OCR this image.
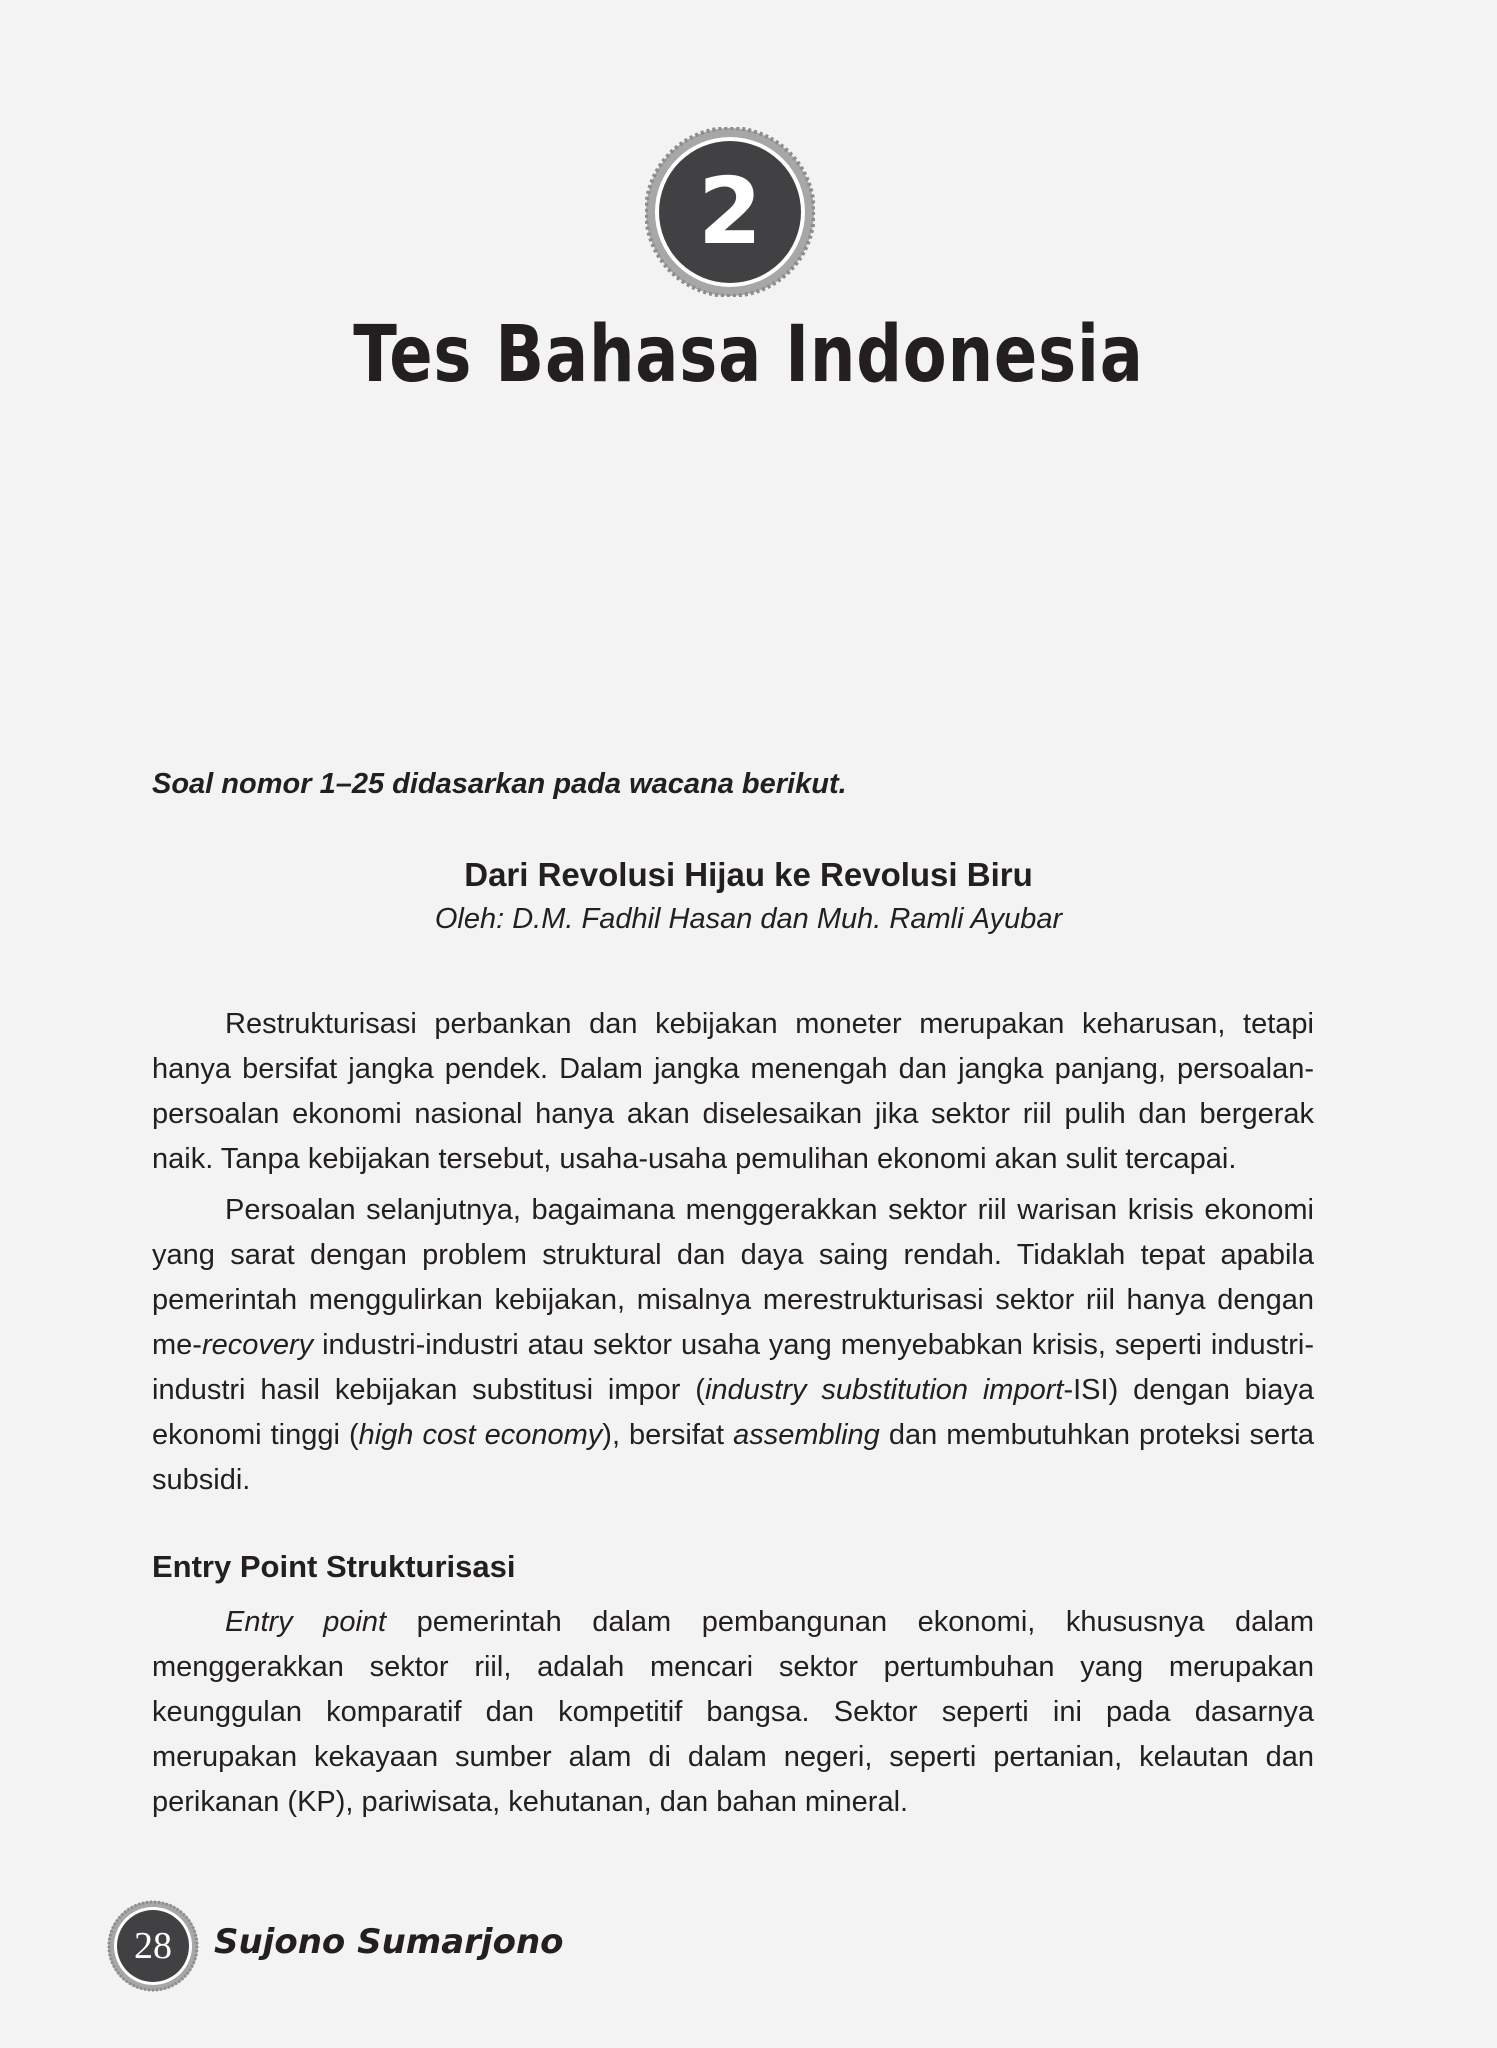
2
Tes Bahasa Indonesia
Soal nomor 1–25 didasarkan pada wacana berikut.
Dari Revolusi Hijau ke Revolusi Biru
Oleh: D.M. Fadhil Hasan dan Muh. Ramli Ayubar

Restrukturisasi perbankan dan kebijakan moneter merupakan keharusan, tetapi hanya bersifat jangka pendek. Dalam jangka menengah dan jangka panjang, persoalan-persoalan ekonomi nasional hanya akan diselesaikan jika sektor riil pulih dan bergerak naik. Tanpa kebijakan tersebut, usaha-usaha pemulihan ekonomi akan sulit tercapai.

Persoalan selanjutnya, bagaimana menggerakkan sektor riil warisan krisis ekonomi yang sarat dengan problem struktural dan daya saing rendah. Tidaklah tepat apabila pemerintah menggulirkan kebijakan, misalnya merestrukturisasi sektor riil hanya dengan me-recovery industri-industri atau sektor usaha yang menyebabkan krisis, seperti industri-industri hasil kebijakan substitusi impor (industry substitution import-ISI) dengan biaya ekonomi tinggi (high cost economy), bersifat assembling dan membutuhkan proteksi serta subsidi.

Entry Point Strukturisasi

Entry point pemerintah dalam pembangunan ekonomi, khususnya dalam menggerakkan sektor riil, adalah mencari sektor pertumbuhan yang merupakan keunggulan komparatif dan kompetitif bangsa. Sektor seperti ini pada dasarnya merupakan kekayaan sumber alam di dalam negeri, seperti pertanian, kelautan dan perikanan (KP), pariwisata, kehutanan, dan bahan mineral.

28	Sujono Sumarjono
